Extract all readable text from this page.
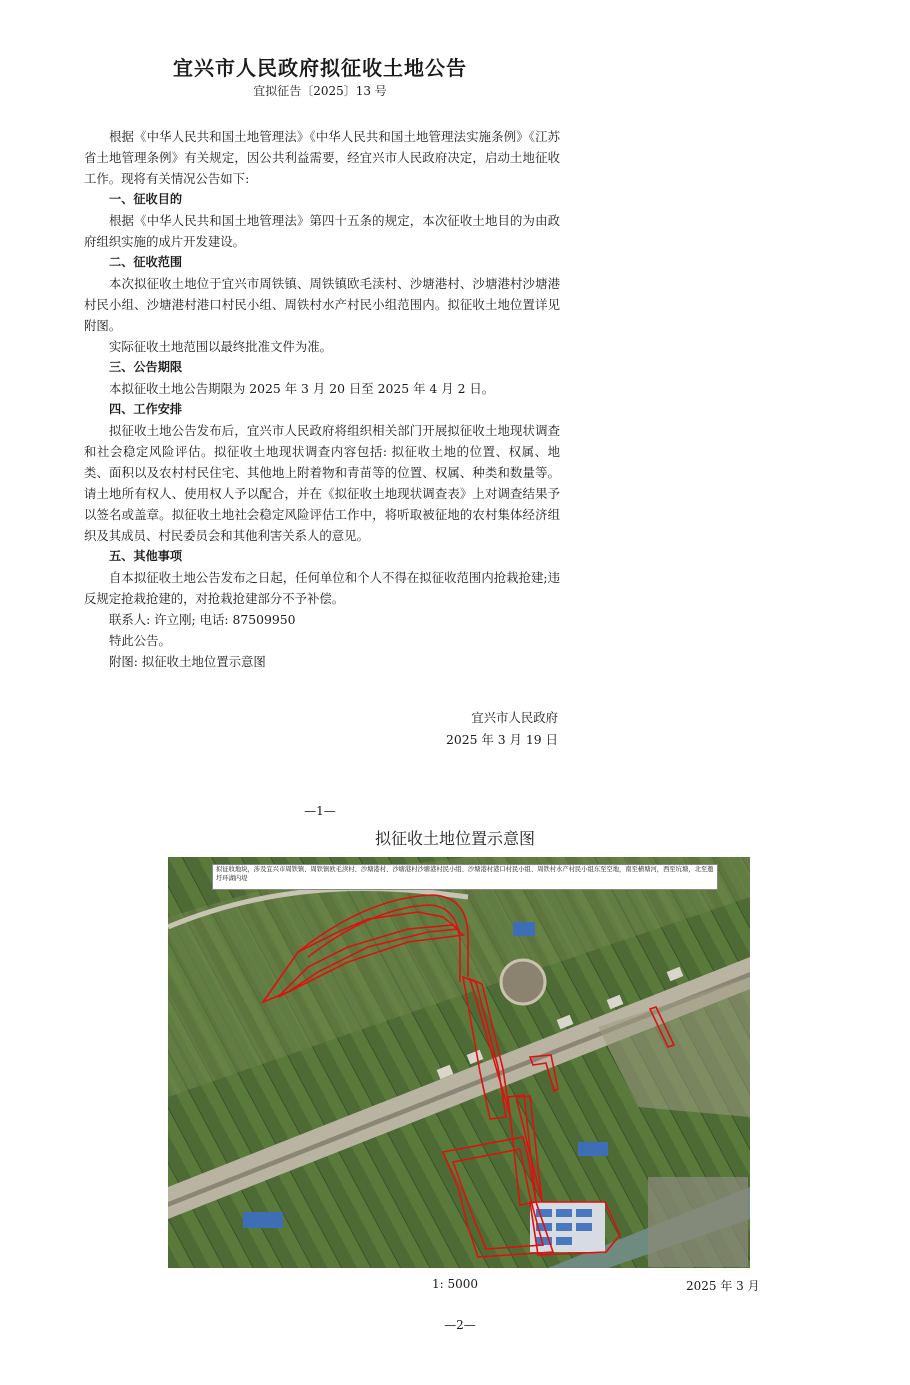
宜兴市人民政府拟征收土地公告
宜拟征告〔2025〕13 号

根据《中华人民共和国土地管理法》《中华人民共和国土地管理法实施条例》《江苏省土地管理条例》有关规定，因公共利益需要，经宜兴市人民政府决定，启动土地征收工作。现将有关情况公告如下:

一、征收目的

根据《中华人民共和国土地管理法》第四十五条的规定，本次征收土地目的为由政府组织实施的成片开发建设。

二、征收范围

本次拟征收土地位于宜兴市周铁镇、周铁镇欧毛渎村、沙塘港村、沙塘港村沙塘港村民小组、沙塘港村港口村民小组、周铁村水产村民小组范围内。拟征收土地位置详见附图。

实际征收土地范围以最终批准文件为准。

三、公告期限

本拟征收土地公告期限为 2025 年 3 月 20 日至 2025 年 4 月 2 日。

四、工作安排

拟征收土地公告发布后，宜兴市人民政府将组织相关部门开展拟征收土地现状调查和社会稳定风险评估。拟征收土地现状调查内容包括: 拟征收土地的位置、权属、地类、面积以及农村村民住宅、其他地上附着物和青苗等的位置、权属、种类和数量等。请土地所有权人、使用权人予以配合，并在《拟征收土地现状调查表》上对调查结果予以签名或盖章。拟征收土地社会稳定风险评估工作中，将听取被征地的农村集体经济组织及其成员、村民委员会和其他利害关系人的意见。

五、其他事项

自本拟征收土地公告发布之日起，任何单位和个人不得在拟征收范围内抢栽抢建;违反规定抢栽抢建的，对抢栽抢建部分不予补偿。

联系人: 许立刚; 电话: 87509950

特此公告。

附图: 拟征收土地位置示意图

宜兴市人民政府
2025 年 3 月 19 日
—1—
拟征收土地位置示意图
拟征收地块，涉及宜兴市周铁镇、周铁镇欧毛渎村、沙塘港村、沙塘港村沙塘港村民小组、沙塘港村港口村民小组、周铁村水产村民小组东至空地，南至横塘河，西至坑塘，北至邀圩环湖内堤
1: 5000	2025 年 3 月
—2—
